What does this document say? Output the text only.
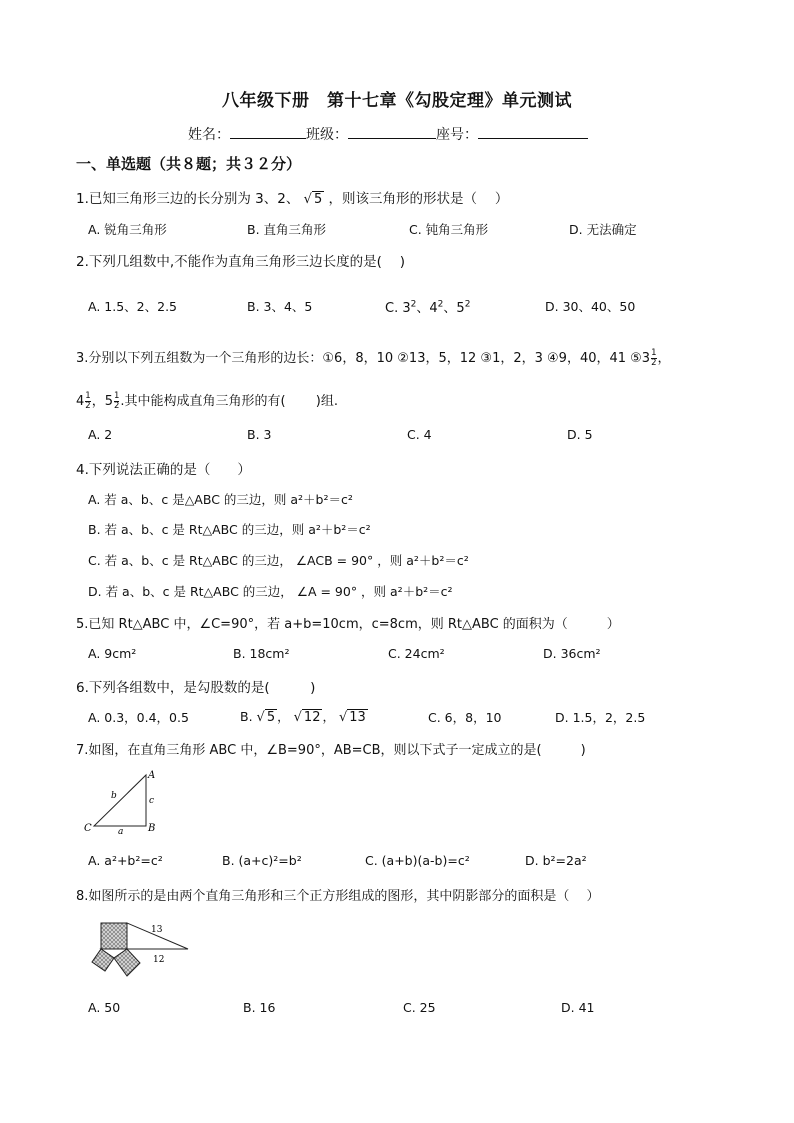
八年级下册　第十七章《勾股定理》单元测试
姓名：	班级：	座号：
一、单选题（共８题；共３２分）
1.已知三角形三边的长分别为 3、2、 √ 5 ，则该三角形的形状是（　 ）
A. 锐角三角形	B. 直角三角形	C. 钝角三角形	D. 无法确定
2.下列几组数中,不能作为直角三角形三边长度的是(　 )
A. 1.5、2、2.5	B. 3、4、5	C. $3^2$、$4^2$、$5^2$	D. 30、40、50
3.分别以下列五组数为一个三角形的边长：①6，8，10 ②13，5，12 ③1，2，3 ④9，40，41 ⑤3 $\frac{1}{2}$ ，
$4 \frac{1}{2}$ ，$5 \frac{1}{2}$ .其中能构成直角三角形的有(　　 )组.
A. 2	B. 3	C. 4	D. 5
4.下列说法正确的是（　　）
A. 若 a、b、c 是△ABC 的三边，则 a²＋b²＝c²
B. 若 a、b、c 是 Rt△ABC 的三边，则 a²＋b²＝c²
C. 若 a、b、c 是 Rt△ABC 的三边， ∠ACB = 90° ，则 a²＋b²＝c²
D. 若 a、b、c 是 Rt△ABC 的三边， ∠A = 90° ，则 a²＋b²＝c²
5.已知 Rt△ABC 中，∠C=90°，若 a+b=10cm，c=8cm，则 Rt△ABC 的面积为（　　　）
A. 9cm²	B. 18cm²	C. 24cm²	D. 36cm²
6.下列各组数中，是勾股数的是(　　　)
A. 0.3，0.4，0.5	B. √ 5 ， √ 12 ， √ 13	C. 6，8，10	D. 1.5，2，2.5
7.如图，在直角三角形 ABC 中，∠B=90°，AB=CB，则以下式子一定成立的是(　　　)
A
B
C	a
b	c
A. a²+b²=c²	B. (a+c)²=b²	C. (a+b)(a-b)=c²	D. b²=2a²
8.如图所示的是由两个直角三角形和三个正方形组成的图形，其中阴影部分的面积是（　 ）
13
12
A. 50	B. 16	C. 25	D. 41
